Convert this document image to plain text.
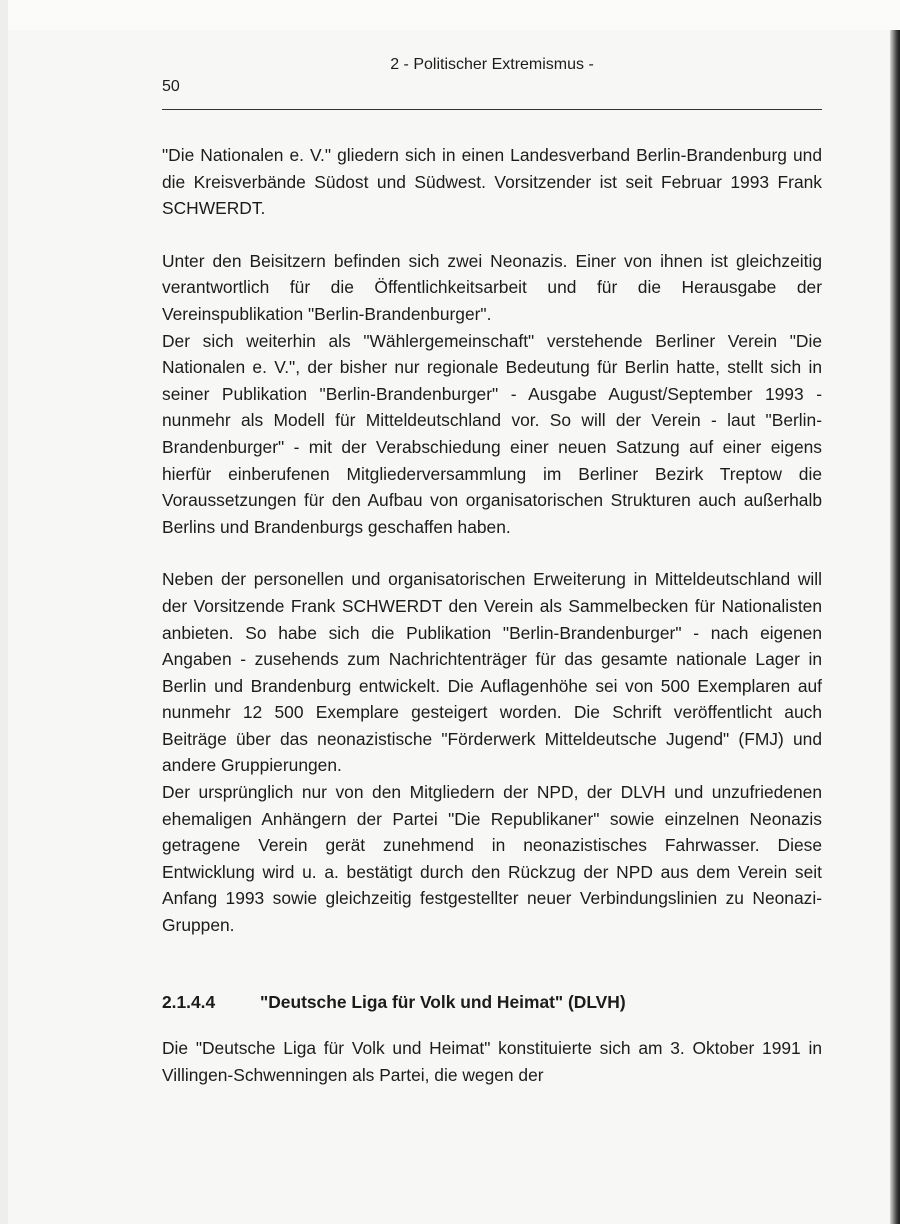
2 - Politischer Extremismus -
50

"Die Nationalen e. V." gliedern sich in einen Landesverband Berlin-Brandenburg und die Kreisverbände Südost und Südwest. Vorsitzender ist seit Februar 1993 Frank SCHWERDT.

Unter den Beisitzern befinden sich zwei Neonazis. Einer von ihnen ist gleichzeitig verantwortlich für die Öffentlichkeitsarbeit und für die Herausgabe der Vereinspublikation "Berlin-Brandenburger".

Der sich weiterhin als "Wählergemeinschaft" verstehende Berliner Verein "Die Nationalen e. V.", der bisher nur regionale Bedeutung für Berlin hatte, stellt sich in seiner Publikation "Berlin-Brandenburger" - Ausgabe August/September 1993 - nunmehr als Modell für Mitteldeutschland vor. So will der Verein - laut "Berlin-Brandenburger" - mit der Verabschiedung einer neuen Satzung auf einer eigens hierfür einberufenen Mitgliederversammlung im Berliner Bezirk Treptow die Voraussetzungen für den Aufbau von organisatorischen Strukturen auch außerhalb Berlins und Brandenburgs geschaffen haben.

Neben der personellen und organisatorischen Erweiterung in Mitteldeutschland will der Vorsitzende Frank SCHWERDT den Verein als Sammelbecken für Nationalisten anbieten. So habe sich die Publikation "Berlin-Brandenburger" - nach eigenen Angaben - zusehends zum Nachrichtenträger für das gesamte nationale Lager in Berlin und Brandenburg entwickelt. Die Auflagenhöhe sei von 500 Exemplaren auf nunmehr 12 500 Exemplare gesteigert worden. Die Schrift veröffentlicht auch Beiträge über das neonazistische "Förderwerk Mitteldeutsche Jugend" (FMJ) und andere Gruppierungen.

Der ursprünglich nur von den Mitgliedern der NPD, der DLVH und unzufriedenen ehemaligen Anhängern der Partei "Die Republikaner" sowie einzelnen Neonazis getragene Verein gerät zunehmend in neonazistisches Fahrwasser. Diese Entwicklung wird u. a. bestätigt durch den Rückzug der NPD aus dem Verein seit Anfang 1993 sowie gleichzeitig festgestellter neuer Verbindungslinien zu Neonazi-Gruppen.

2.1.4.4	"Deutsche Liga für Volk und Heimat" (DLVH)

Die "Deutsche Liga für Volk und Heimat" konstituierte sich am 3. Oktober 1991 in Villingen-Schwenningen als Partei, die wegen der
